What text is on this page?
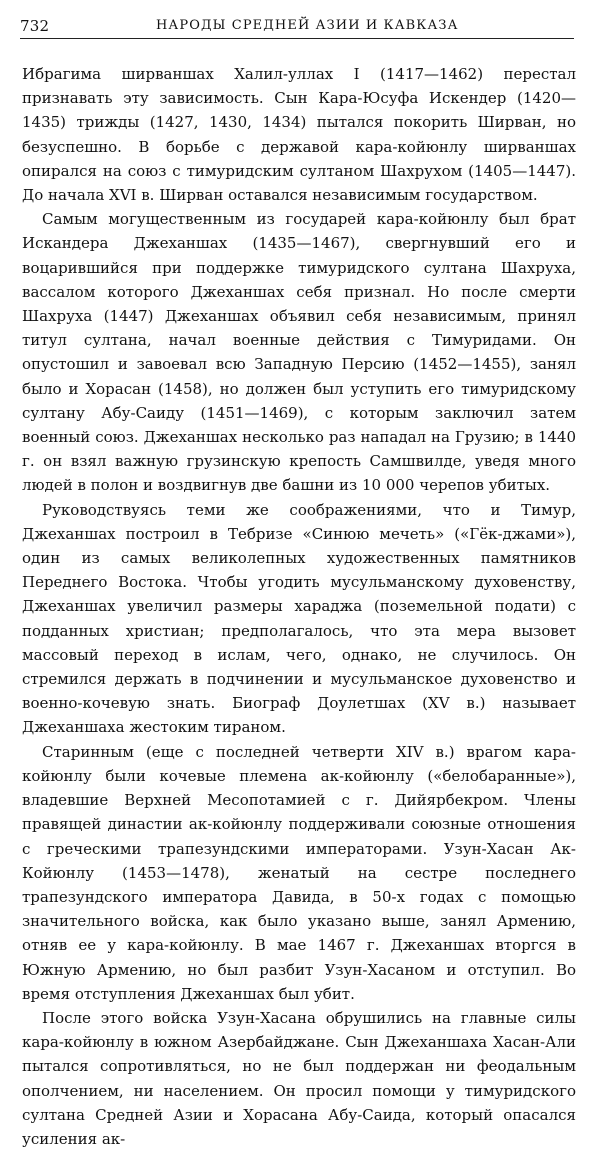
732	НАРОДЫ СРЕДНЕЙ АЗИИ И КАВКАЗА

Ибрагима ширваншах Халил-уллах I (1417—1462) перестал признавать эту зависимость. Сын Кара-Юсуфа Искендер (1420—1435) трижды (1427, 1430, 1434) пытался покорить Ширван, но безуспешно. В борьбе с державой кара-койюнлу ширваншах опирался на союз с тимуридским султаном Шахрухом (1405—1447). До начала XVI в. Ширван оставался независимым государством.

Самым могущественным из государей кара-койюнлу был брат Искандера Джеханшах (1435—1467), свергнувший его и воцарившийся при поддержке тимуридского султана Шахруха, вассалом которого Джеханшах себя признал. Но после смерти Шахруха (1447) Джеханшах объявил себя независимым, принял титул султана, начал военные действия с Тимуридами. Он опустошил и завоевал всю Западную Персию (1452—1455), занял было и Хорасан (1458), но должен был уступить его тимуридскому султану Абу-Саиду (1451—1469), с которым заключил затем военный союз. Джеханшах несколько раз нападал на Грузию; в 1440 г. он взял важную грузинскую крепость Самшвилде, уведя много людей в полон и воздвигнув две башни из 10 000 черепов убитых.

Руководствуясь теми же соображениями, что и Тимур, Джеханшах построил в Тебризе «Синюю мечеть» («Гёк-джами»), один из самых великолепных художественных памятников Переднего Востока. Чтобы угодить мусульманскому духовенству, Джеханшах увеличил размеры хараджа (поземельной подати) с подданных христиан; предполагалось, что эта мера вызовет массовый переход в ислам, чего, однако, не случилось. Он стремился держать в подчинении и мусульманское духовенство и военно-кочевую знать. Биограф Доулетшах (XV в.) называет Джеханшаха жестоким тираном.

Старинным (еще с последней четверти XIV в.) врагом кара-койюнлу были кочевые племена ак-койюнлу («белобаранные»), владевшие Верхней Месопотамией с г. Дийярбекром. Члены правящей династии ак-койюнлу поддерживали союзные отношения с греческими трапезундскими императорами. Узун-Хасан Ак-Койюнлу (1453—1478), женатый на сестре последнего трапезундского императора Давида, в 50-х годах с помощью значительного войска, как было указано выше, занял Армению, отняв ее у кара-койюнлу. В мае 1467 г. Джеханшах вторгся в Южную Армению, но был разбит Узун-Хасаном и отступил. Во время отступления Джеханшах был убит.

После этого войска Узун-Хасана обрушились на главные силы кара-койюнлу в южном Азербайджане. Сын Джеханшаха Хасан-Али пытался сопротивляться, но не был поддержан ни феодальным ополчением, ни населением. Он просил помощи у тимуридского султана Средней Азии и Хорасана Абу-Саида, который опасался усиления ак-
